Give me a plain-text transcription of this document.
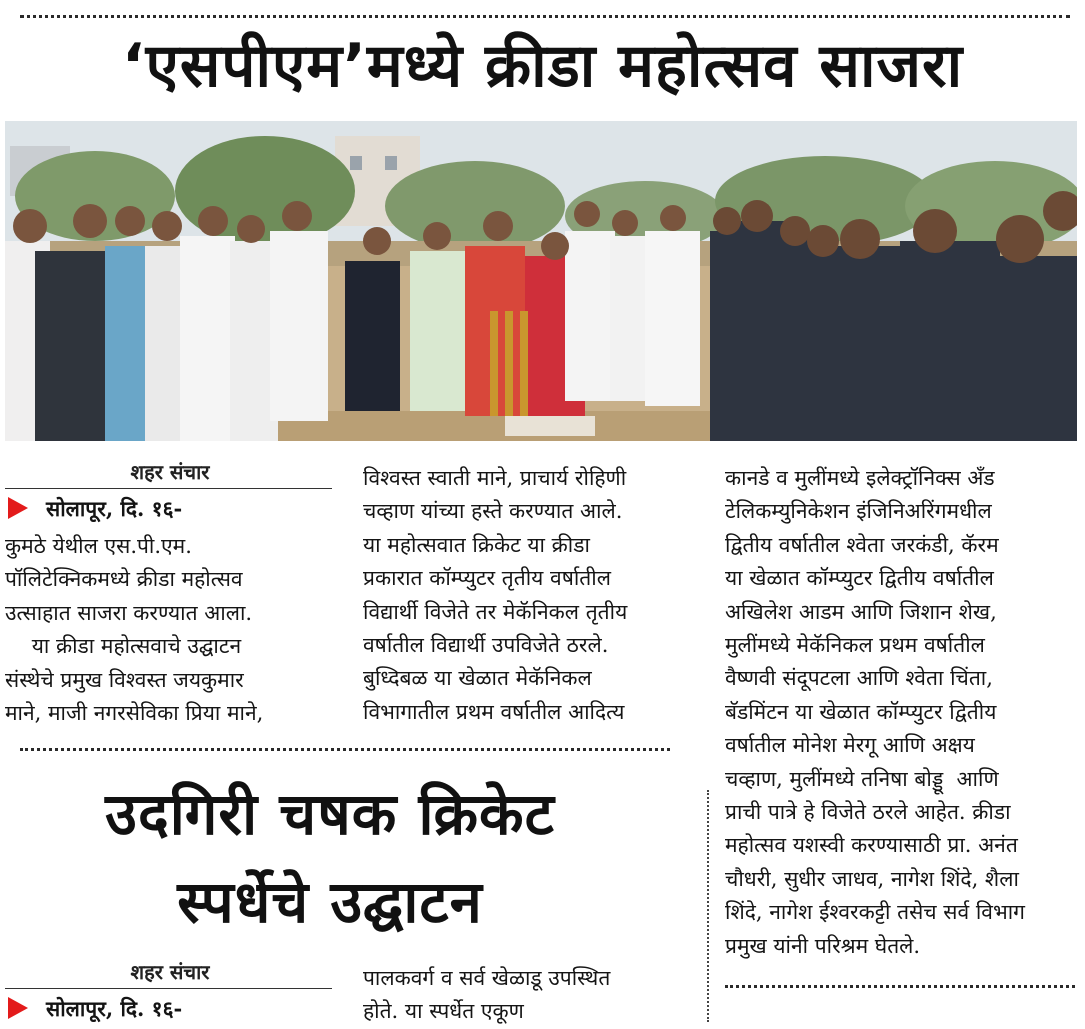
‘एसपीएम’मध्ये क्रीडा महोत्सव साजरा
शहर संचार
सोलापूर, दि. १६-

कुमठे येथील एस.पी.एम.

पॉलिटेक्निकमध्ये क्रीडा महोत्सव

उत्साहात साजरा करण्यात आला.

या क्रीडा महोत्सवाचे उद्घाटन

संस्थेचे प्रमुख विश्वस्त जयकुमार

माने, माजी नगरसेविका प्रिया माने,

विश्वस्त स्वाती माने, प्राचार्य रोहिणी

चव्हाण यांच्या हस्ते करण्यात आले.

या महोत्सवात क्रिकेट या क्रीडा

प्रकारात कॉम्प्युटर तृतीय वर्षातील

विद्यार्थी विजेते तर मेकॅनिकल तृतीय

वर्षातील विद्यार्थी उपविजेते ठरले.

बुध्दिबळ या खेळात मेकॅनिकल

विभागातील प्रथम वर्षातील आदित्य

कानडे व मुलींमध्ये इलेक्ट्रॉनिक्स अँड

टेलिकम्युनिकेशन इंजिनिअरिंगमधील

द्वितीय वर्षातील श्वेता जरकंडी, कॅरम

या खेळात कॉम्प्युटर द्वितीय वर्षातील

अखिलेश आडम आणि जिशान शेख,

मुलींमध्ये मेकॅनिकल प्रथम वर्षातील

वैष्णवी संदूपटला आणि श्वेता चिंता,

बॅडमिंटन या खेळात कॉम्प्युटर द्वितीय

वर्षातील मोनेश मेरगू आणि अक्षय

चव्हाण, मुलींमध्ये तनिषा बोड्डू  आणि

प्राची पात्रे हे विजेते ठरले आहेत. क्रीडा

महोत्सव यशस्वी करण्यासाठी प्रा. अनंत

चौधरी, सुधीर जाधव, नागेश शिंदे, शैला

शिंदे, नागेश ईश्वरकट्टी तसेच सर्व विभाग

प्रमुख यांनी परिश्रम घेतले.

उदगिरी चषक क्रिकेट
स्पर्धेचे उद्घाटन
शहर संचार
सोलापूर, दि. १६-

पालकवर्ग व सर्व खेळाडू उपस्थित

होते. या स्पर्धेत एकूण
